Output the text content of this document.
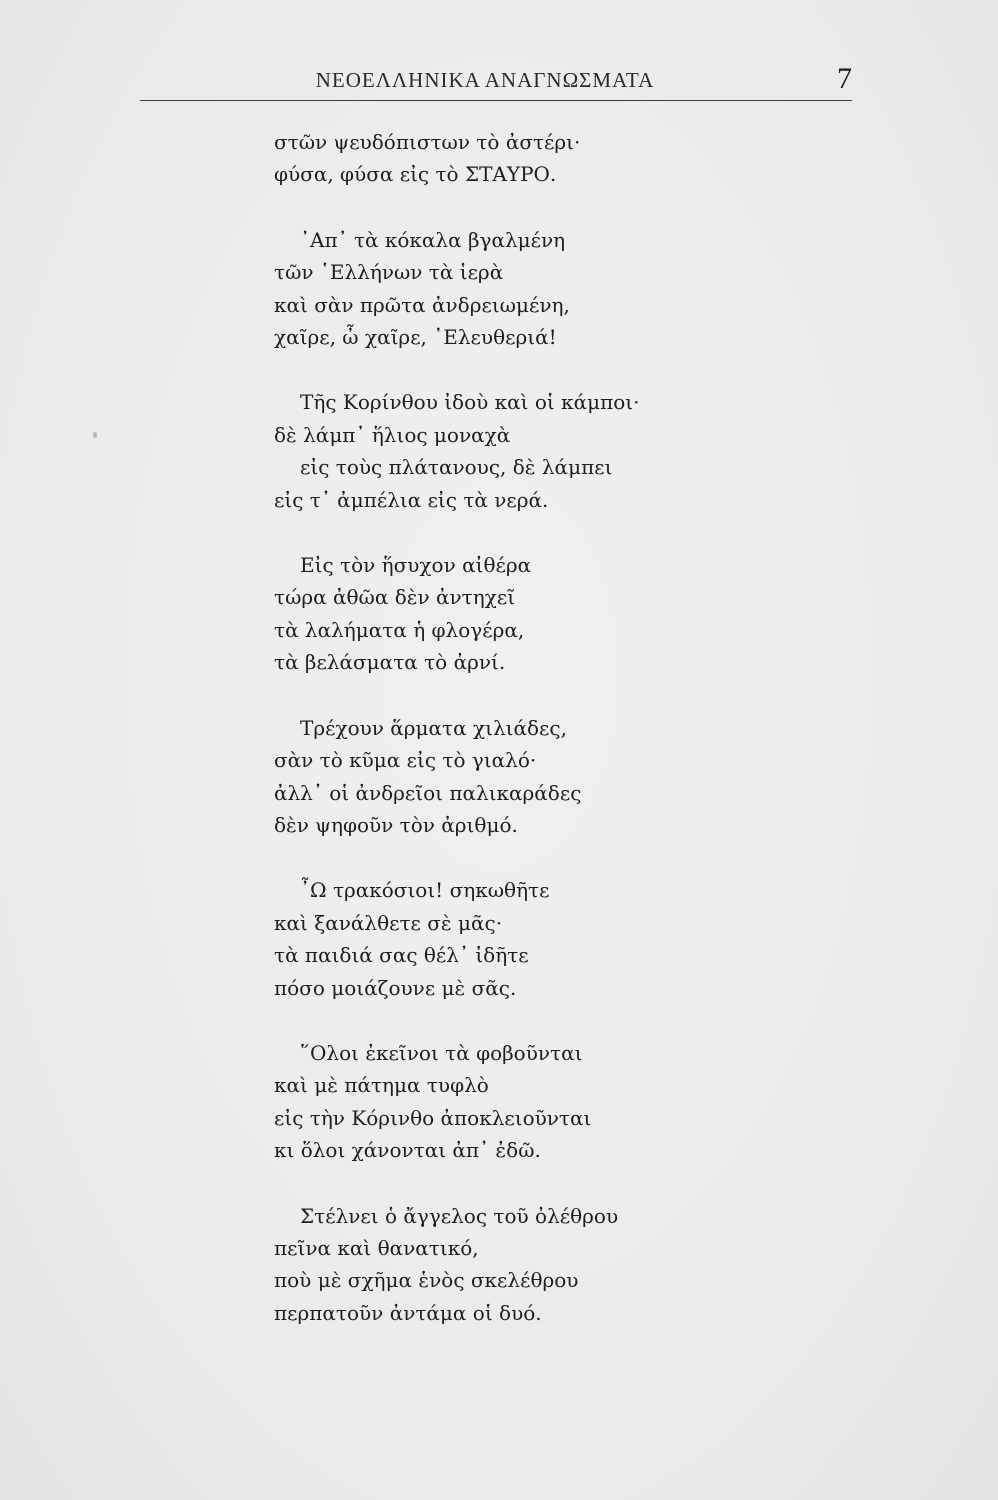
ΝΕΟΕΛΛΗΝΙΚΑ ΑΝΑΓΝΩΣΜΑΤΑ	7
στῶν ψευδόπιστων τὸ ἀστέρι·
φύσα, φύσα εἰς τὸ ΣΤΑΥΡΟ.
᾿Απ᾿ τὰ κόκαλα βγαλμένη
τῶν ῾Ελλήνων τὰ ἱερὰ
καὶ σὰν πρῶτα ἀνδρειωμένη,
χαῖρε, ὦ χαῖρε, ᾿Ελευθεριά!
Τῆς Κορίνθου ἰδοὺ καὶ οἱ κάμποι·
δὲ λάμπ᾿ ἥλιος μοναχὰ
εἰς τοὺς πλάτανους, δὲ λάμπει
εἰς τ᾿ ἀμπέλια εἰς τὰ νερά.
Εἰς τὸν ἥσυχον αἰθέρα
τώρα ἀθῶα δὲν ἀντηχεῖ
τὰ λαλήματα ἡ φλογέρα,
τὰ βελάσματα τὸ ἀρνί.
Τρέχουν ἅρματα χιλιάδες,
σὰν τὸ κῦμα εἰς τὸ γιαλό·
ἀλλ᾿ οἱ ἀνδρεῖοι παλικαράδες
δὲν ψηφοῦν τὸν ἀριθμό.
῏Ω τρακόσιοι! σηκωθῆτε
καὶ ξανάλθετε σὲ μᾶς·
τὰ παιδιά σας θέλ᾿ ἰδῆτε
πόσο μοιάζουνε μὲ σᾶς.
῞Ολοι ἐκεῖνοι τὰ φοβοῦνται
καὶ μὲ πάτημα τυφλὸ
εἰς τὴν Κόρινθο ἀποκλειοῦνται
κι ὅλοι χάνονται ἀπ᾿ ἐδῶ.
Στέλνει ὁ ἄγγελος τοῦ ὀλέθρου
πεῖνα καὶ θανατικό,
ποὺ μὲ σχῆμα ἑνὸς σκελέθρου
περπατοῦν ἀντάμα οἱ δυό.
